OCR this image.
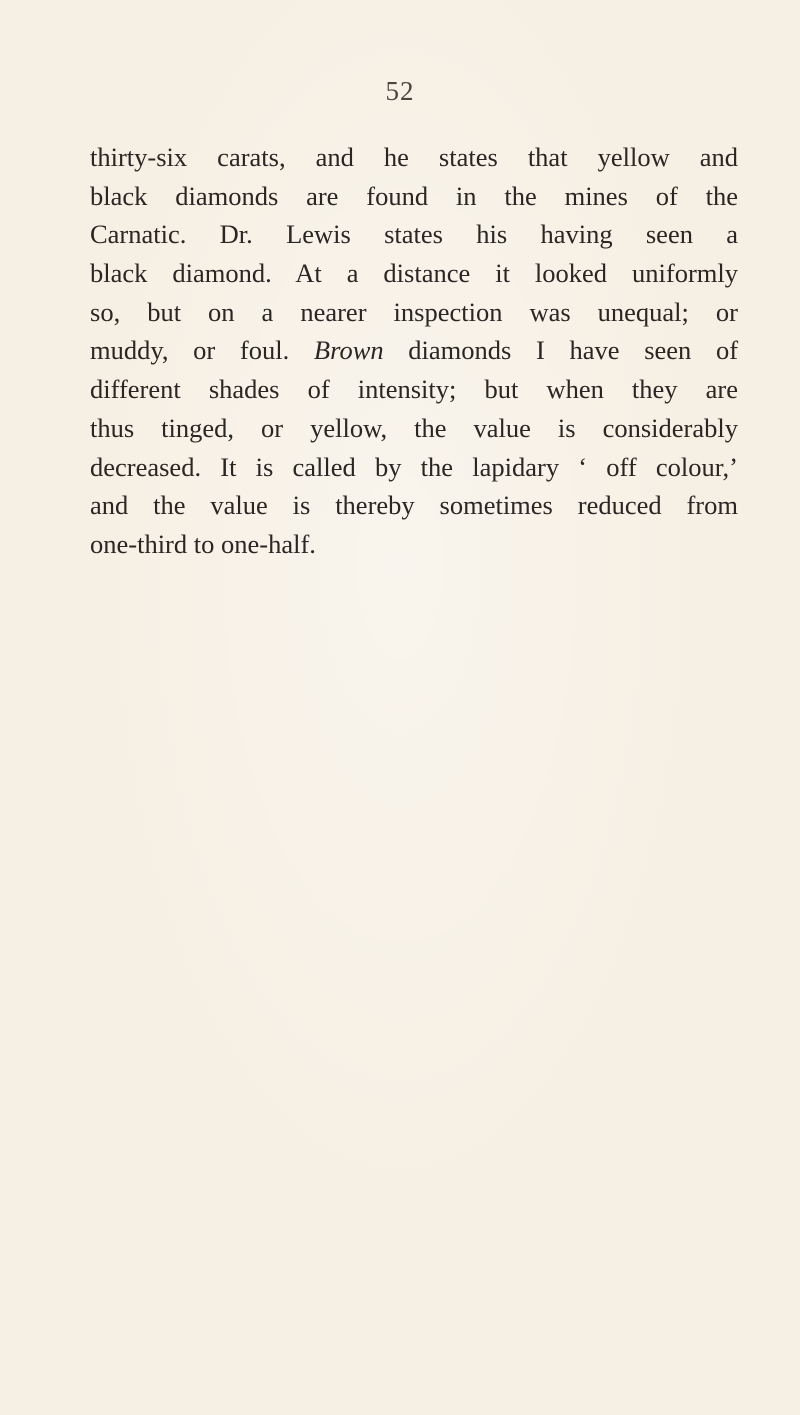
52
thirty-six carats, and he states that yellow and
black diamonds are found in the mines of the
Carnatic. Dr. Lewis states his having seen a
black diamond. At a distance it looked uniformly
so, but on a nearer inspection was unequal; or
muddy, or foul. Brown diamonds I have seen of
different shades of intensity; but when they are
thus tinged, or yellow, the value is considerably
decreased. It is called by the lapidary ‘ off colour,’
and the value is thereby sometimes reduced from
one-third to one-half.
